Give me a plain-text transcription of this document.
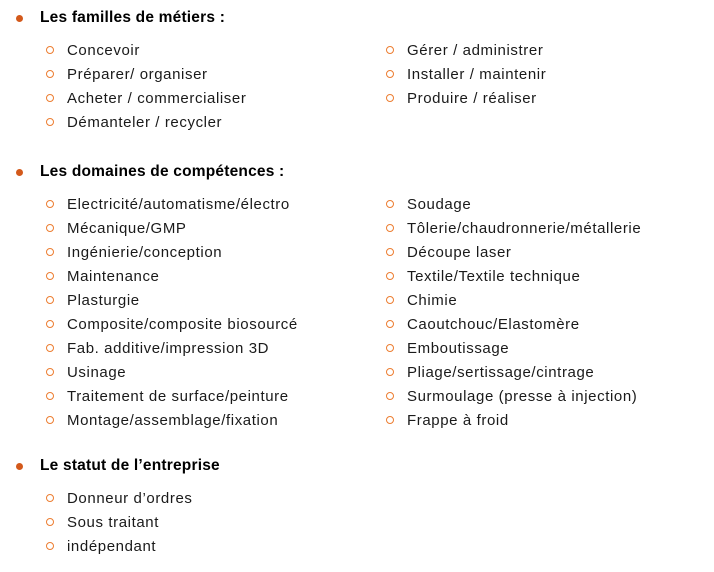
Les familles de métiers :
Concevoir
Préparer/ organiser
Acheter / commercialiser
Démanteler / recycler
Gérer / administrer
Installer / maintenir
Produire / réaliser
Les domaines de compétences :
Electricité/automatisme/électro
Mécanique/GMP
Ingénierie/conception
Maintenance
Plasturgie
Composite/composite biosourcé
Fab. additive/impression 3D
Usinage
Traitement de surface/peinture
Montage/assemblage/fixation
Soudage
Tôlerie/chaudronnerie/métallerie
Découpe laser
Textile/Textile technique
Chimie
Caoutchouc/Elastomère
Emboutissage
Pliage/sertissage/cintrage
Surmoulage (presse à injection)
Frappe à froid
Le statut de l’entreprise
Donneur d’ordres
Sous traitant
indépendant
